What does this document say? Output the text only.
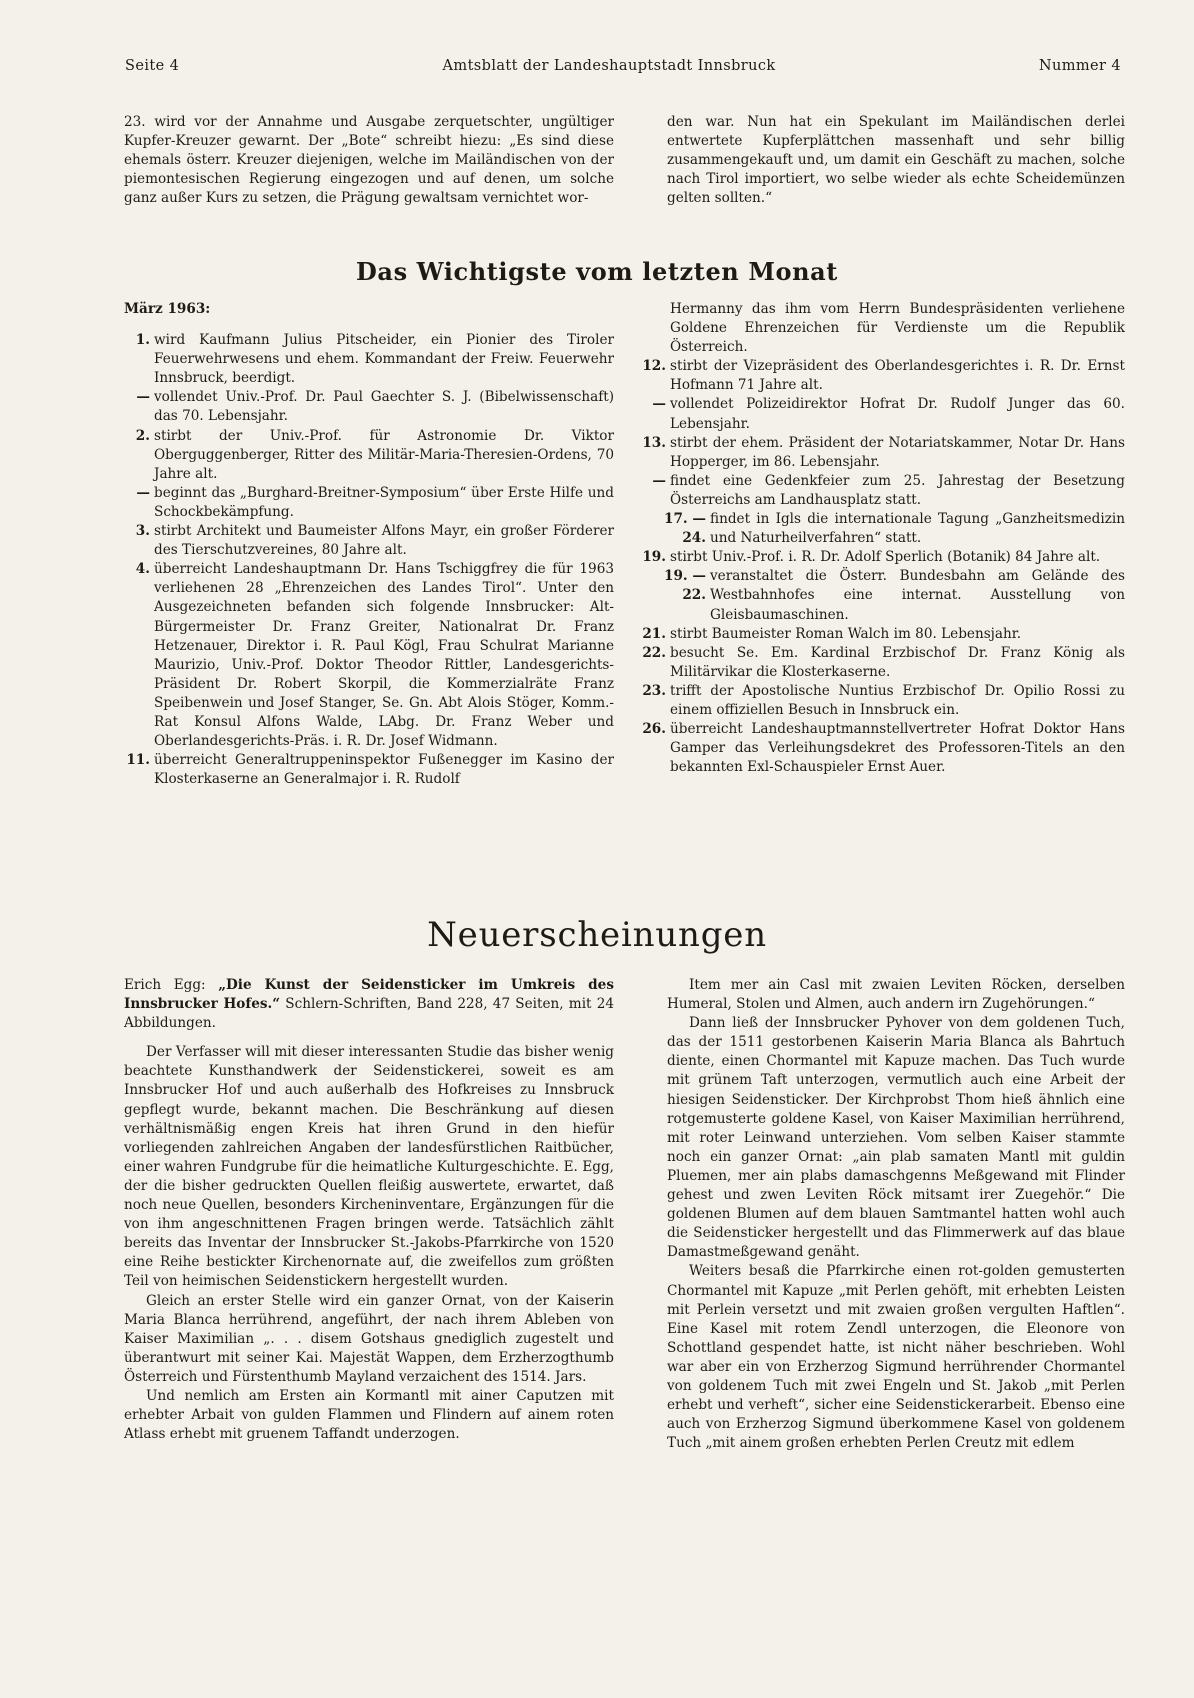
Seite 4	Amtsblatt der Landeshauptstadt Innsbruck	Nummer 4

23. wird vor der Annahme und Ausgabe zerquetschter, ungültiger Kupfer-Kreuzer gewarnt. Der „Bote“ schreibt hiezu: „Es sind diese ehemals österr. Kreuzer diejenigen, welche im Mailändischen von der piemontesischen Regierung eingezogen und auf denen, um solche ganz außer Kurs zu setzen, die Prägung gewaltsam vernichtet wor-

den war. Nun hat ein Spekulant im Mailändischen derlei entwertete Kupferplättchen massenhaft und sehr billig zusammengekauft und, um damit ein Geschäft zu machen, solche nach Tirol importiert, wo selbe wieder als echte Scheidemünzen gelten sollten.“

Das Wichtigste vom letzten Monat

März 1963:

1. wird Kaufmann Julius Pitscheider, ein Pionier des Tiroler Feuerwehrwesens und ehem. Kommandant der Freiw. Feuerwehr Innsbruck, beerdigt.
— vollendet Univ.-Prof. Dr. Paul Gaechter S. J. (Bibelwissenschaft) das 70. Lebensjahr.
2. stirbt der Univ.-Prof. für Astronomie Dr. Viktor Oberguggenberger, Ritter des Militär-Maria-Theresien-Ordens, 70 Jahre alt.
— beginnt das „Burghard-Breitner-Symposium“ über Erste Hilfe und Schockbekämpfung.
3. stirbt Architekt und Baumeister Alfons Mayr, ein großer Förderer des Tierschutzvereines, 80 Jahre alt.
4. überreicht Landeshauptmann Dr. Hans Tschiggfrey die für 1963 verliehenen 28 „Ehrenzeichen des Landes Tirol“. Unter den Ausgezeichneten befanden sich folgende Innsbrucker: Alt-Bürgermeister Dr. Franz Greiter, Nationalrat Dr. Franz Hetzenauer, Direktor i. R. Paul Kögl, Frau Schulrat Marianne Maurizio, Univ.-Prof. Doktor Theodor Rittler, Landesgerichts-Präsident Dr. Robert Skorpil, die Kommerzialräte Franz Speibenwein und Josef Stanger, Se. Gn. Abt Alois Stöger, Komm.-Rat Konsul Alfons Walde, LAbg. Dr. Franz Weber und Oberlandesgerichts-Präs. i. R. Dr. Josef Widmann.
11. überreicht Generaltruppeninspektor Fußenegger im Kasino der Klosterkaserne an Generalmajor i. R. Rudolf
Hermanny das ihm vom Herrn Bundespräsidenten verliehene Goldene Ehrenzeichen für Verdienste um die Republik Österreich.
12. stirbt der Vizepräsident des Oberlandesgerichtes i. R. Dr. Ernst Hofmann 71 Jahre alt.
— vollendet Polizeidirektor Hofrat Dr. Rudolf Junger das 60. Lebensjahr.
13. stirbt der ehem. Präsident der Notariatskammer, Notar Dr. Hans Hopperger, im 86. Lebensjahr.
— findet eine Gedenkfeier zum 25. Jahrestag der Besetzung Österreichs am Landhausplatz statt.
17. — 24.
findet in Igls die internationale Tagung „Ganzheitsmedizin und Naturheilverfahren“ statt.
19. stirbt Univ.-Prof. i. R. Dr. Adolf Sperlich (Botanik) 84 Jahre alt.
19. — 22.
veranstaltet die Österr. Bundesbahn am Gelände des Westbahnhofes eine internat. Ausstellung von Gleisbaumaschinen.
21. stirbt Baumeister Roman Walch im 80. Lebensjahr.
22. besucht Se. Em. Kardinal Erzbischof Dr. Franz König als Militärvikar die Klosterkaserne.
23. trifft der Apostolische Nuntius Erzbischof Dr. Opilio Rossi zu einem offiziellen Besuch in Innsbruck ein.
26. überreicht Landeshauptmannstellvertreter Hofrat Doktor Hans Gamper das Verleihungsdekret des Professoren-Titels an den bekannten Exl-Schauspieler Ernst Auer.
Neuerscheinungen

Erich Egg: „Die Kunst der Seidensticker im Umkreis des Innsbrucker Hofes.“ Schlern-Schriften, Band 228, 47 Seiten, mit 24 Abbildungen.

Der Verfasser will mit dieser interessanten Studie das bisher wenig beachtete Kunsthandwerk der Seidenstickerei, soweit es am Innsbrucker Hof und auch außerhalb des Hofkreises zu Innsbruck gepflegt wurde, bekannt machen. Die Beschränkung auf diesen verhältnismäßig engen Kreis hat ihren Grund in den hiefür vorliegenden zahlreichen Angaben der landesfürstlichen Raitbücher, einer wahren Fundgrube für die heimatliche Kulturgeschichte. E. Egg, der die bisher gedruckten Quellen fleißig auswertete, erwartet, daß noch neue Quellen, besonders Kircheninventare, Ergänzungen für die von ihm angeschnittenen Fragen bringen werde. Tatsächlich zählt bereits das Inventar der Innsbrucker St.-Jakobs-Pfarrkirche von 1520 eine Reihe bestickter Kirchenornate auf, die zweifellos zum größten Teil von heimischen Seidenstickern hergestellt wurden.

Gleich an erster Stelle wird ein ganzer Ornat, von der Kaiserin Maria Blanca herrührend, angeführt, der nach ihrem Ableben von Kaiser Maximilian „. . . disem Gotshaus gnediglich zugestelt und überantwurt mit seiner Kai. Majestät Wappen, dem Erzherzogthumb Österreich und Fürstenthumb Mayland verzaichent des 1514. Jars.

Und nemlich am Ersten ain Kormantl mit ainer Caputzen mit erhebter Arbait von gulden Flammen und Flindern auf ainem roten Atlass erhebt mit gruenem Taffandt underzogen.

Item mer ain Casl mit zwaien Leviten Röcken, derselben Humeral, Stolen und Almen, auch andern irn Zugehörungen.“

Dann ließ der Innsbrucker Pyhover von dem goldenen Tuch, das der 1511 gestorbenen Kaiserin Maria Blanca als Bahrtuch diente, einen Chormantel mit Kapuze machen. Das Tuch wurde mit grünem Taft unterzogen, vermutlich auch eine Arbeit der hiesigen Seidensticker. Der Kirchprobst Thom hieß ähnlich eine rotgemusterte goldene Kasel, von Kaiser Maximilian herrührend, mit roter Leinwand unterziehen. Vom selben Kaiser stammte noch ein ganzer Ornat: „ain plab samaten Mantl mit guldin Pluemen, mer ain plabs damaschgenns Meßgewand mit Flinder gehest und zwen Leviten Röck mitsamt irer Zuegehör.“ Die goldenen Blumen auf dem blauen Samtmantel hatten wohl auch die Seidensticker hergestellt und das Flimmerwerk auf das blaue Damastmeßgewand genäht.

Weiters besaß die Pfarrkirche einen rot-golden gemusterten Chormantel mit Kapuze „mit Perlen gehöft, mit erhebten Leisten mit Perlein versetzt und mit zwaien großen vergulten Haftlen“. Eine Kasel mit rotem Zendl unterzogen, die Eleonore von Schottland gespendet hatte, ist nicht näher beschrieben. Wohl war aber ein von Erzherzog Sigmund herrührender Chormantel von goldenem Tuch mit zwei Engeln und St. Jakob „mit Perlen erhebt und verheft“, sicher eine Seidenstickerarbeit. Ebenso eine auch von Erzherzog Sigmund überkommene Kasel von goldenem Tuch „mit ainem großen erhebten Perlen Creutz mit edlem
